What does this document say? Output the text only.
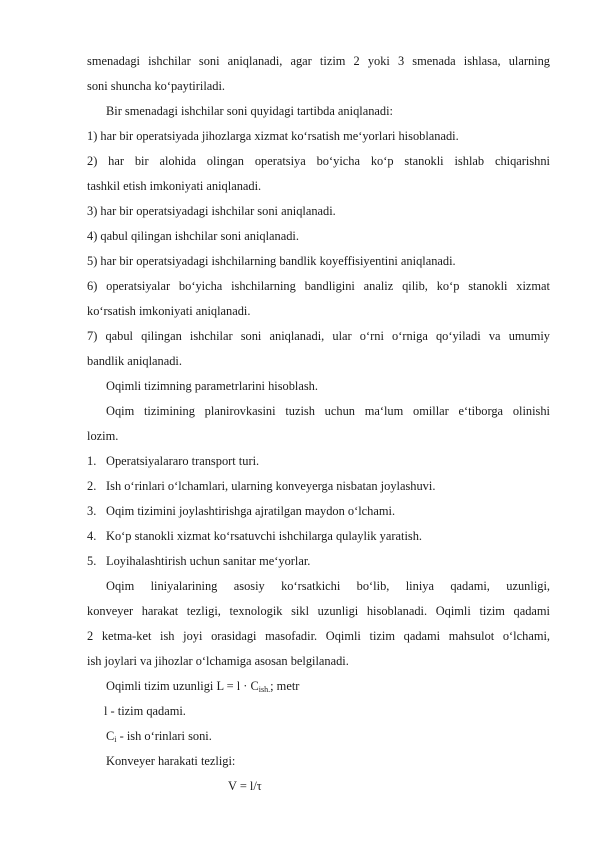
smenadagi ishchilar soni aniqlanadi, agar tizim 2 yoki 3 smenada ishlasa, ularning
soni shuncha ko‘paytiriladi.
Bir smenadagi ishchilar soni quyidagi tartibda aniqlanadi:
1) har bir operatsiyada jihozlarga xizmat ko‘rsatish me‘yorlari hisoblanadi.
2) har bir alohida olingan operatsiya bo‘yicha ko‘p stanokli ishlab chiqarishni
tashkil etish imkoniyati aniqlanadi.
3) har bir operatsiyadagi ishchilar soni aniqlanadi.
4) qabul qilingan ishchilar soni aniqlanadi.
5) har bir operatsiyadagi ishchilarning bandlik koyeffisiyentini aniqlanadi.
6) operatsiyalar bo‘yicha ishchilarning bandligini analiz qilib, ko‘p stanokli xizmat
ko‘rsatish imkoniyati aniqlanadi.
7) qabul qilingan ishchilar soni aniqlanadi, ular o‘rni o‘rniga qo‘yiladi va umumiy
bandlik aniqlanadi.
Oqimli tizimning parametrlarini hisoblash.
Oqim tizimining planirovkasini tuzish uchun ma‘lum omillar e‘tiborga olinishi
lozim.
1. Operatsiyalararo transport turi.
2. Ish o‘rinlari o‘lchamlari, ularning konveyerga nisbatan joylashuvi.
3. Oqim tizimini joylashtirishga ajratilgan maydon o‘lchami.
4. Ko‘p stanokli xizmat ko‘rsatuvchi ishchilarga qulaylik yaratish.
5. Loyihalashtirish uchun sanitar me‘yorlar.
Oqim liniyalarining asosiy ko‘rsatkichi bo‘lib, liniya qadami, uzunligi,
konveyer harakat tezligi, texnologik sikl uzunligi hisoblanadi. Oqimli tizim qadami
2 ketma-ket ish joyi orasidagi masofadir. Oqimli tizim qadami mahsulot o‘lchami,
ish joylari va jihozlar o‘lchamiga asosan belgilanadi.
Oqimli tizim uzunligi $L = l \cdot C_{ish.}$; metr
l - tizim qadami.
$C_i$ - ish o‘rinlari soni.
Konveyer harakati tezligi:
V = l/τ
